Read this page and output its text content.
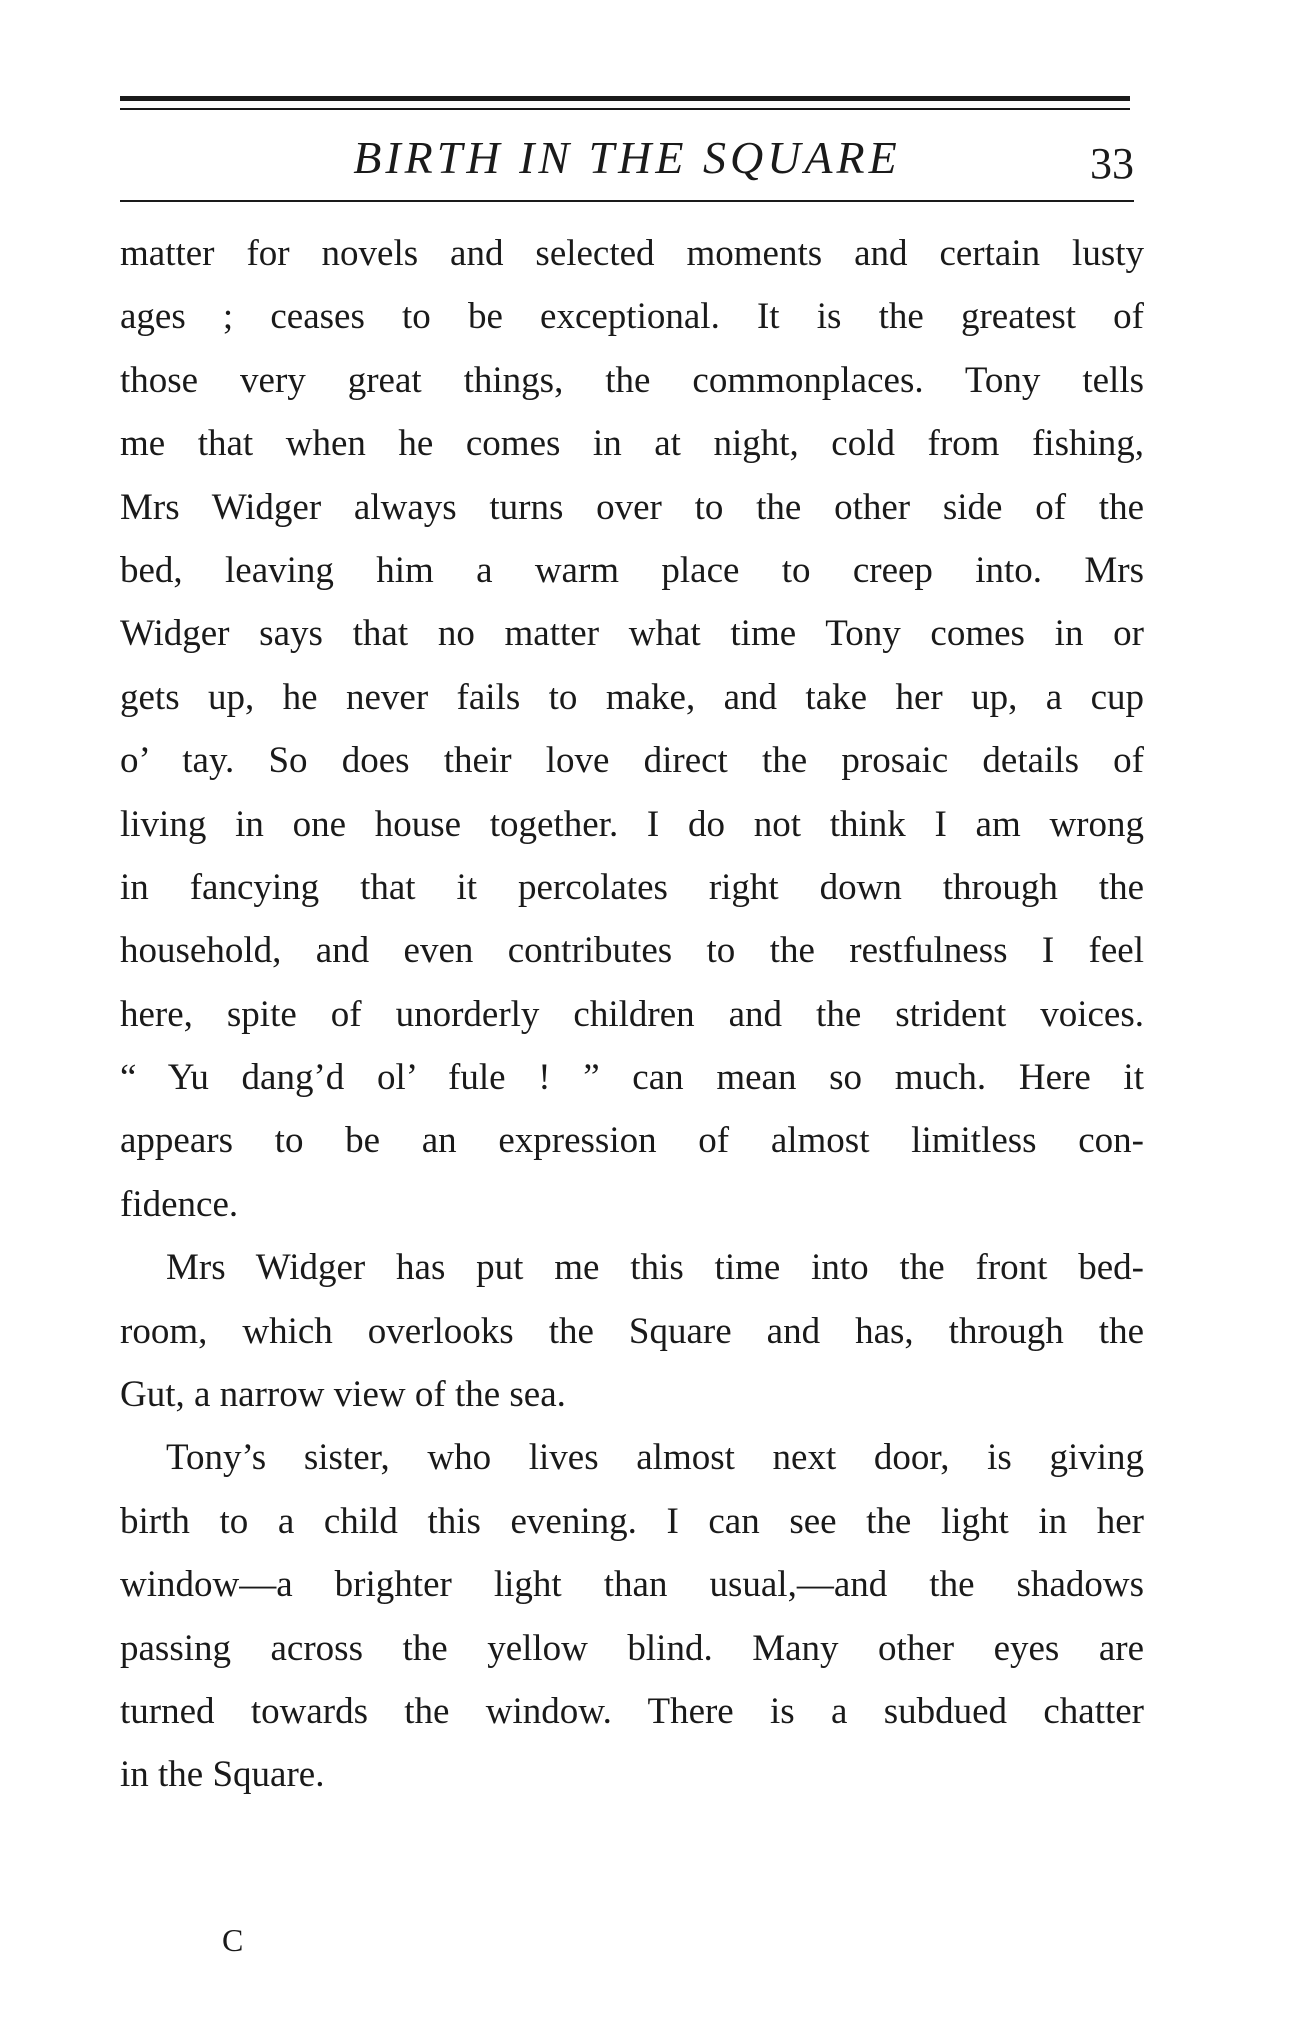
BIRTH IN THE SQUARE	33
matter for novels and selected moments and certain lusty
ages ; ceases to be exceptional. It is the greatest of
those very great things, the commonplaces. Tony tells
me that when he comes in at night, cold from fishing,
Mrs Widger always turns over to the other side of the
bed, leaving him a warm place to creep into. Mrs
Widger says that no matter what time Tony comes in or
gets up, he never fails to make, and take her up, a cup
o’ tay. So does their love direct the prosaic details of
living in one house together. I do not think I am wrong
in fancying that it percolates right down through the
household, and even contributes to the restfulness I feel
here, spite of unorderly children and the strident voices.
“ Yu dang’d ol’ fule ! ” can mean so much. Here it
appears to be an expression of almost limitless con-
fidence.
Mrs Widger has put me this time into the front bed-
room, which overlooks the Square and has, through the
Gut, a narrow view of the sea.
Tony’s sister, who lives almost next door, is giving
birth to a child this evening. I can see the light in her
window—a brighter light than usual,—and the shadows
passing across the yellow blind. Many other eyes are
turned towards the window. There is a subdued chatter
in the Square.
C
